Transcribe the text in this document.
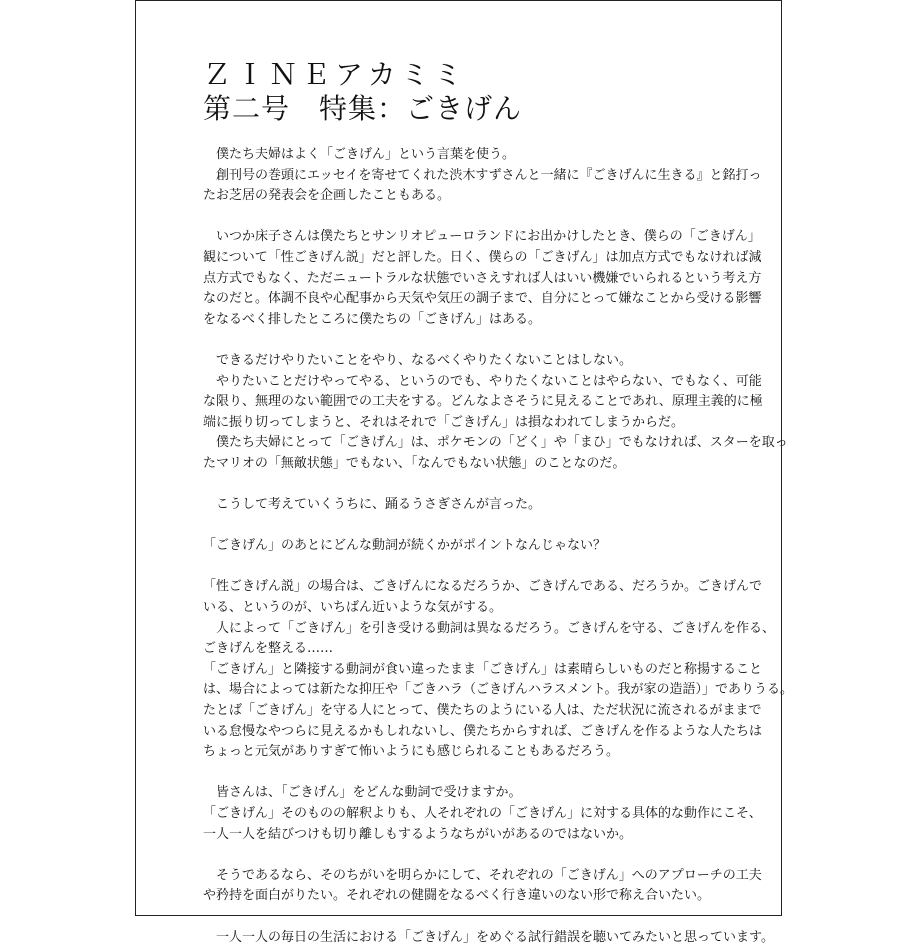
ＺＩＮＥアカミミ
第二号　特集：ごきげん

　僕たち夫婦はよく「ごきげん」という言葉を使う。

　創刊号の巻頭にエッセイを寄せてくれた渋木すずさんと一緒に『ごきげんに生きる』と銘打っ

たお芝居の発表会を企画したこともある。

　いつか床子さんは僕たちとサンリオピューロランドにお出かけしたとき、僕らの「ごきげん」

観について「性ごきげん説」だと評した。日く、僕らの「ごきげん」は加点方式でもなければ減

点方式でもなく、ただニュートラルな状態でいさえすれば人はいい機嫌でいられるという考え方

なのだと。体調不良や心配事から天気や気圧の調子まで、自分にとって嫌なことから受ける影響

をなるべく排したところに僕たちの「ごきげん」はある。

　できるだけやりたいことをやり、なるべくやりたくないことはしない。

　やりたいことだけやってやる、というのでも、やりたくないことはやらない、でもなく、可能

な限り、無理のない範囲での工夫をする。どんなよさそうに見えることであれ、原理主義的に極

端に振り切ってしまうと、それはそれで「ごきげん」は損なわれてしまうからだ。

　僕たち夫婦にとって「ごきげん」は、ポケモンの「どく」や「まひ」でもなければ、スターを取っ

たマリオの「無敵状態」でもない、「なんでもない状態」のことなのだ。

　こうして考えていくうちに、踊るうさぎさんが言った。

「ごきげん」のあとにどんな動詞が続くかがポイントなんじゃない？

「性ごきげん説」の場合は、ごきげんになるだろうか、ごきげんである、だろうか。ごきげんで

いる、というのが、いちばん近いような気がする。

　人によって「ごきげん」を引き受ける動詞は異なるだろう。ごきげんを守る、ごきげんを作る、

ごきげんを整える……

「ごきげん」と隣接する動詞が食い違ったまま「ごきげん」は素晴らしいものだと称揚すること

は、場合によっては新たな抑圧や「ごきハラ（ごきげんハラスメント。我が家の造語）」でありうる。

たとば「ごきげん」を守る人にとって、僕たちのようにいる人は、ただ状況に流されるがままで

いる怠慢なやつらに見えるかもしれないし、僕たちからすれば、ごきげんを作るような人たちは

ちょっと元気がありすぎて怖いようにも感じられることもあるだろう。

　皆さんは、「ごきげん」をどんな動詞で受けますか。

「ごきげん」そのものの解釈よりも、人それぞれの「ごきげん」に対する具体的な動作にこそ、

一人一人を結びつけも切り離しもするようなちがいがあるのではないか。

　そうであるなら、そのちがいを明らかにして、それぞれの「ごきげん」へのアプローチの工夫

や矜持を面白がりたい。それぞれの健闘をなるべく行き違いのない形で称え合いたい。

　一人一人の毎日の生活における「ごきげん」をめぐる試行錯誤を聴いてみたいと思っています。
